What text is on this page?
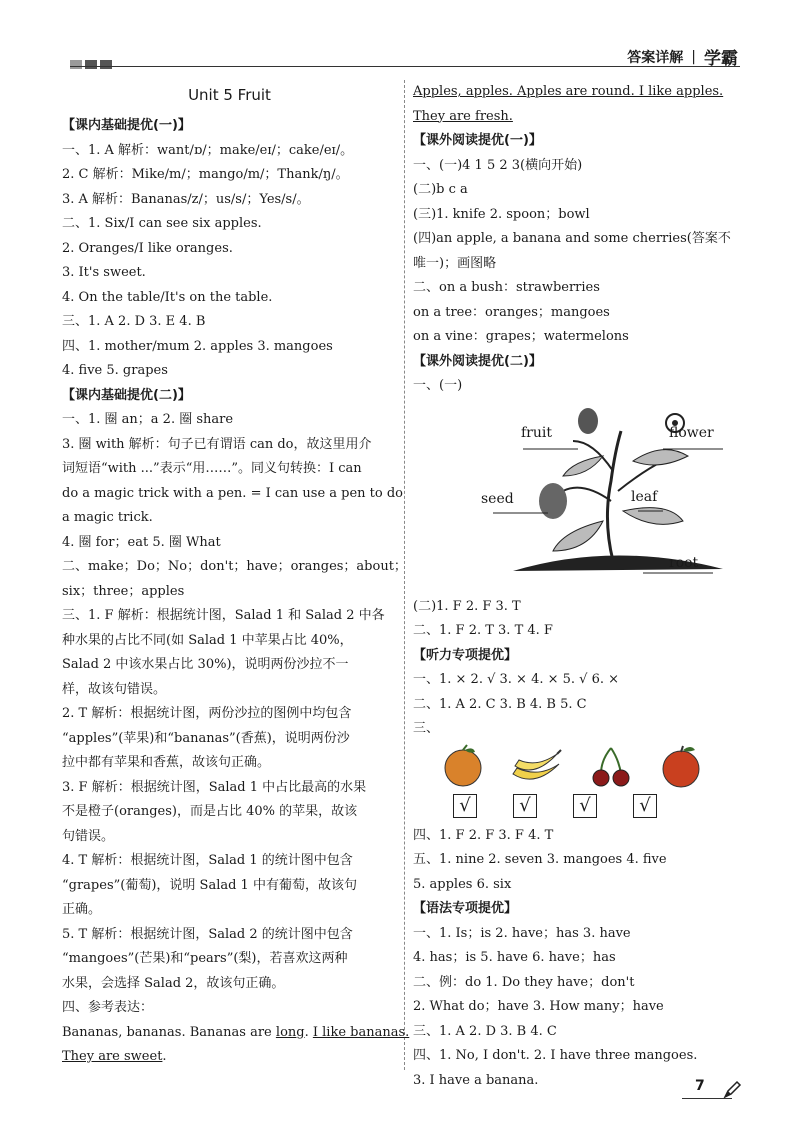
答案详解 | 学霸
Unit 5 Fruit
【课内基础提优(一)】
一、1. A 解析：want/ɒ/；make/eɪ/；cake/eɪ/。
2. C 解析：Mike/m/；mango/m/；Thank/ŋ/。
3. A 解析：Bananas/z/；us/s/；Yes/s/。
二、1. Six/I can see six apples.
2. Oranges/I like oranges.
3. It's sweet.
4. On the table/It's on the table.
三、1. A 2. D 3. E 4. B
四、1. mother/mum 2. apples 3. mangoes
4. five 5. grapes
【课内基础提优(二)】
一、1. 圈 an；a 2. 圈 share
3. 圈 with 解析：句子已有谓语 can do，故这里用介
词短语“with ...”表示“用……”。同义句转换：I can
do a magic trick with a pen. = I can use a pen to do
a magic trick.
4. 圈 for；eat 5. 圈 What
二、make；Do；No；don't；have；oranges；about；
six；three；apples
三、1. F 解析：根据统计图，Salad 1 和 Salad 2 中各
种水果的占比不同(如 Salad 1 中苹果占比 40%，
Salad 2 中该水果占比 30%)，说明两份沙拉不一
样，故该句错误。
2. T 解析：根据统计图，两份沙拉的图例中均包含
“apples”(苹果)和“bananas”(香蕉)，说明两份沙
拉中都有苹果和香蕉，故该句正确。
3. F 解析：根据统计图，Salad 1 中占比最高的水果
不是橙子(oranges)，而是占比 40% 的苹果，故该
句错误。
4. T 解析：根据统计图，Salad 1 的统计图中包含
“grapes”(葡萄)，说明 Salad 1 中有葡萄，故该句
正确。
5. T 解析：根据统计图，Salad 2 的统计图中包含
“mangoes”(芒果)和“pears”(梨)，若喜欢这两种
水果，会选择 Salad 2，故该句正确。
四、参考表达：
Bananas, bananas. Bananas are long. I like bananas.
They are sweet.
Apples, apples. Apples are round. I like apples.
They are fresh.
【课外阅读提优(一)】
一、(一)4 1 5 2 3(横向开始)
(二)b c a
(三)1. knife 2. spoon；bowl
(四)an apple, a banana and some cherries(答案不
唯一)；画图略
二、on a bush：strawberries
on a tree：oranges；mangoes
on a vine：grapes；watermelons
【课外阅读提优(二)】
一、(一)
fruit	flower
seed	leaf
root
(二)1. F 2. F 3. T
二、1. F 2. T 3. T 4. F
【听力专项提优】
一、1. × 2. √ 3. × 4. × 5. √ 6. ×
二、1. A 2. C 3. B 4. B 5. C
三、
√	√	√	√
四、1. F 2. F 3. F 4. T
五、1. nine 2. seven 3. mangoes 4. five
5. apples 6. six
【语法专项提优】
一、1. Is；is 2. have；has 3. have
4. has；is 5. have 6. have；has
二、例：do 1. Do they have；don't
2. What do；have 3. How many；have
三、1. A 2. D 3. B 4. C
四、1. No, I don't. 2. I have three mangoes.
3. I have a banana.	7
